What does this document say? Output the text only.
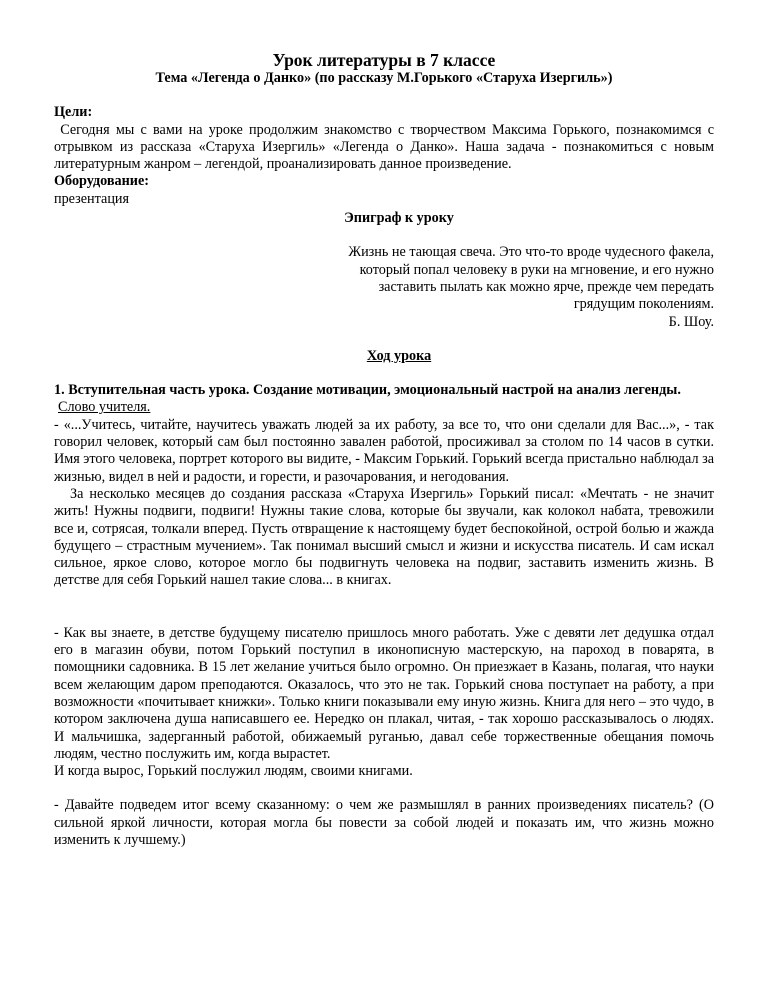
Урок литературы в 7 классе
Тема «Легенда о Данко» (по рассказу М.Горького «Старуха Изергиль»)

Цели:

Сегодня мы с вами на уроке продолжим знакомство с творчеством Максима Горького, познакомимся с отрывком из рассказа «Старуха Изергиль» «Легенда о Данко». Наша задача - познакомиться с новым литературным жанром – легендой, проанализировать данное произведение.

Оборудование:

презентация

Эпиграф к уроку
Жизнь не тающая свеча. Это что-то вроде чудесного факела,
который попал человеку в руки на мгновение, и его нужно
заставить пылать как можно ярче, прежде чем передать
грядущим поколениям.
Б. Шоу.
Ход урока

1. Вступительная часть урока. Создание мотивации, эмоциональный настрой на анализ легенды.

Слово учителя.

- «...Учитесь, читайте, научитесь уважать людей за их работу, за все то, что они сделали для Вас...», - так говорил человек, который сам был постоянно завален работой, просиживал за столом по 14 часов в сутки. Имя этого человека, портрет которого вы видите, - Максим Горький. Горький всегда пристально наблюдал за жизнью, видел в ней и радости, и горести, и разочарования, и негодования.

За несколько месяцев до создания рассказа «Старуха Изергиль» Горький писал: «Мечтать - не значит жить! Нужны подвиги, подвиги! Нужны такие слова, которые бы звучали, как колокол набата, тревожили все и, сотрясая, толкали вперед. Пусть отвращение к настоящему будет беспокойной, острой болью и жажда будущего – страстным мучением». Так понимал высший смысл и жизни и искусства писатель. И сам искал сильное, яркое слово, которое могло бы подвигнуть человека на подвиг, заставить изменить жизнь. В детстве для себя Горький нашел такие слова... в книгах.

- Как вы знаете, в детстве будущему писателю пришлось много работать. Уже с девяти лет дедушка отдал его в магазин обуви, потом Горький поступил в иконописную мастерскую, на пароход в поварята, в помощники садовника. В 15 лет желание учиться было огромно. Он приезжает в Казань, полагая, что науки всем желающим даром преподаются. Оказалось, что это не так. Горький снова поступает на работу, а при возможности «почитывает книжки». Только книги показывали ему иную жизнь. Книга для него – это чудо, в котором заключена душа написавшего ее. Нередко он плакал, читая, - так хорошо рассказывалось о людях. И мальчишка, задерганный работой, обижаемый руганью, давал себе торжественные обещания помочь людям, честно послужить им, когда вырастет.

И когда вырос, Горький послужил людям, своими книгами.

- Давайте подведем итог всему сказанному: о чем же размышлял в ранних произведениях писатель? (О сильной яркой личности, которая могла бы повести за собой людей и показать им, что жизнь можно изменить к лучшему.)
